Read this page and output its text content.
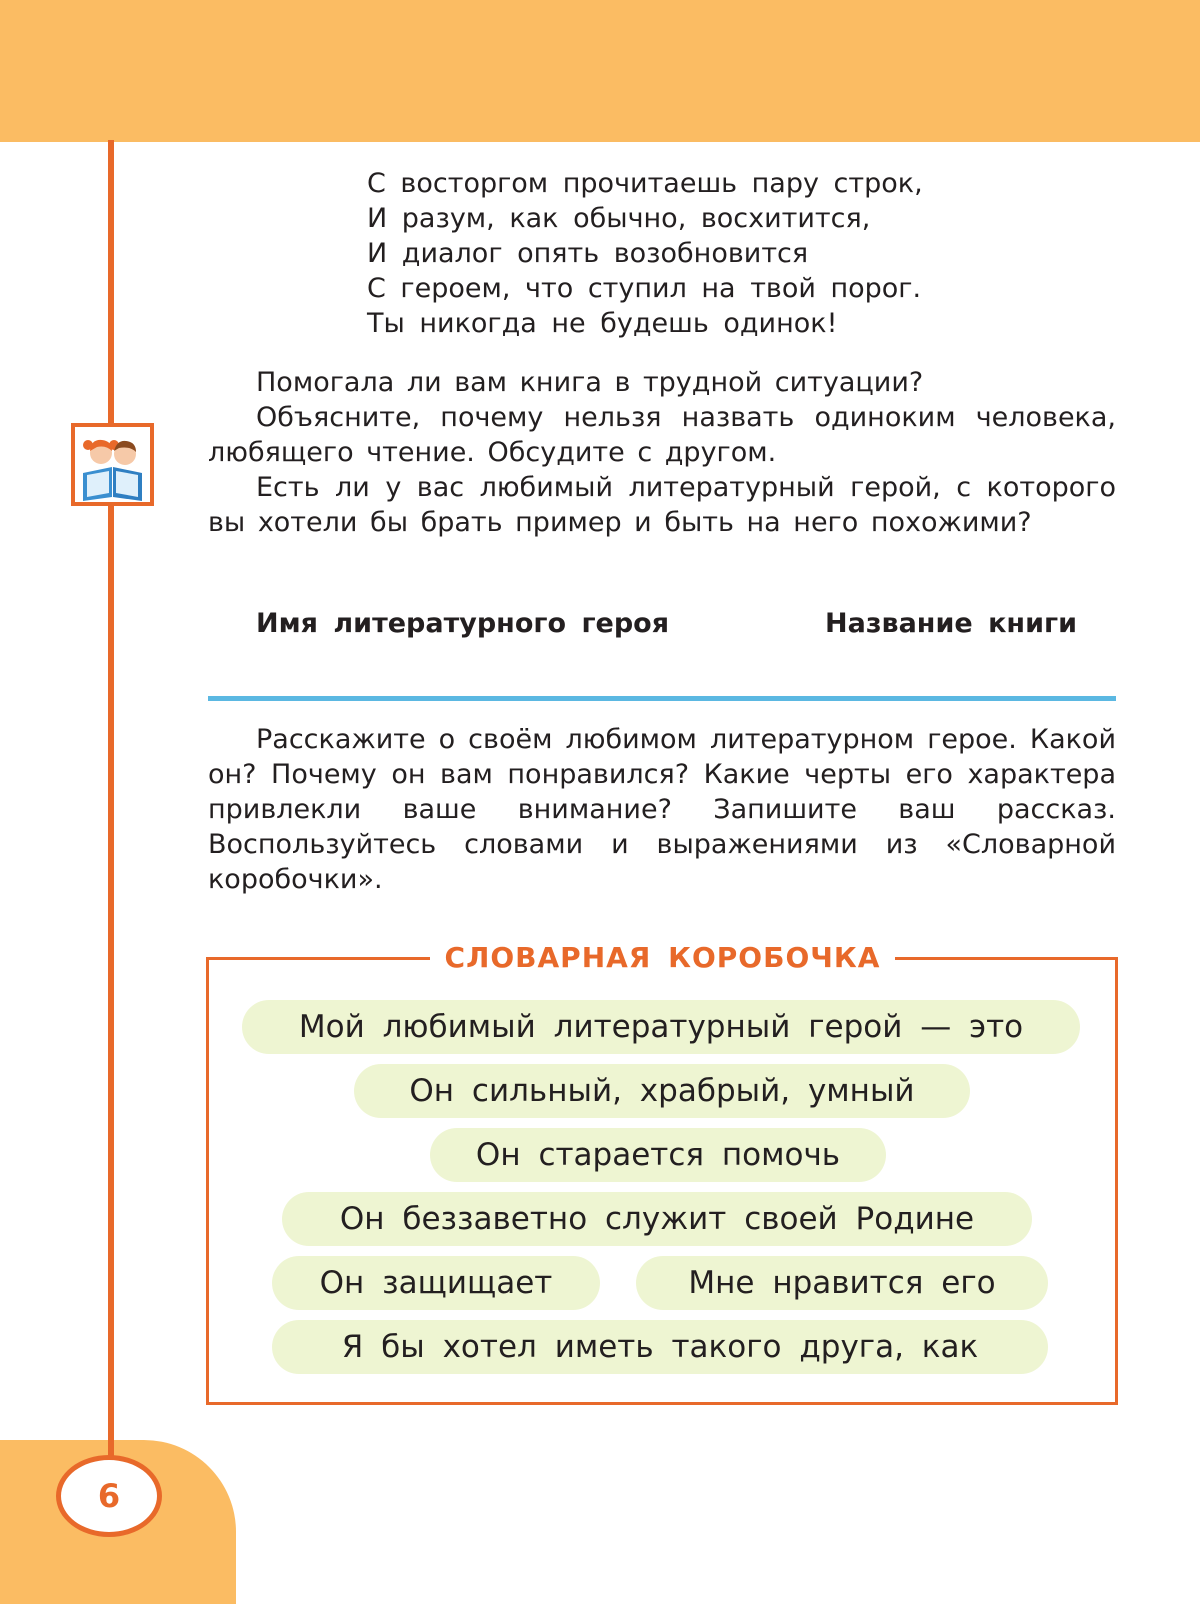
6
С восторгом прочитаешь пару строк,
И разум, как обычно, восхитится,
И диалог опять возобновится
С героем, что ступил на твой порог.
Ты никогда не будешь одинок!

Помогала ли вам книга в трудной ситуации?

Объясните, почему нельзя назвать одиноким человека, любящего чтение. Обсудите с другом.

Есть ли у вас любимый литературный герой, с которого вы хотели бы брать пример и быть на него похожими?

Имя литературного героя	Название книги

Расскажите о своём любимом литературном герое. Какой он? Почему он вам понравился? Какие черты его характера привлекли ваше внимание? Запишите ваш рассказ. Воспользуйтесь словами и выражениями из «Словарной коробочки».

СЛОВАРНАЯ КОРОБОЧКА
Мой любимый литературный герой — это
Он сильный, храбрый, умный
Он старается помочь
Он беззаветно служит своей Родине
Он защищает	Мне нравится его
Я бы хотел иметь такого друга, как
